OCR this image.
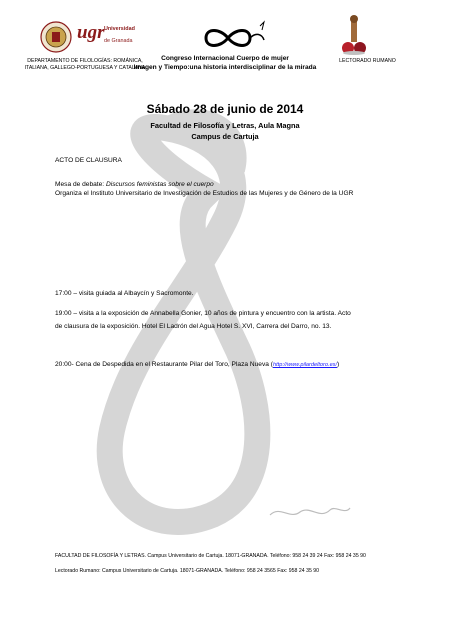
ugr Universidad
de Granada
DEPARTAMENTO DE FILOLOGÍAS: ROMÁNICA,
ITALIANA, GALLEGO-PORTUGUESA Y CATALANA
Congreso Internacional Cuerpo de mujer
Imagen y Tiempo:una historia interdisciplinar de la mirada
LECTORADO RUMANO
Sábado 28 de junio de 2014
Facultad de Filosofía y Letras, Aula Magna
Campus de Cartuja
ACTO DE CLAUSURA
Mesa de debate: Discursos feministas sobre el cuerpo
Organiza el Instituto Universitario de Investigación de Estudios de las Mujeres y de Género de la UGR
17:00 – visita guiada al Albaycín y Sacromonte.
19:00 – visita a la exposición de Annabella Gonier, 10 años de pintura y encuentro con la artista. Acto
de clausura de la exposición. Hotel El Ladrón del Agua Hotel S. XVI, Carrera del Darro, no. 13.
20:00- Cena de Despedida en el Restaurante Pilar del Toro, Plaza Nueva (http://www.pilardeltoro.es/)
FACULTAD DE FILOSOFÍA Y LETRAS. Campus Universitario de Cartuja. 18071-GRANADA. Teléfono: 958 24 39 24 Fax: 958 24 35 90
Lectorado Rumano: Campus Universitario de Cartuja. 18071-GRANADA. Teléfono: 958 24 3565 Fax: 958 24 35 90
